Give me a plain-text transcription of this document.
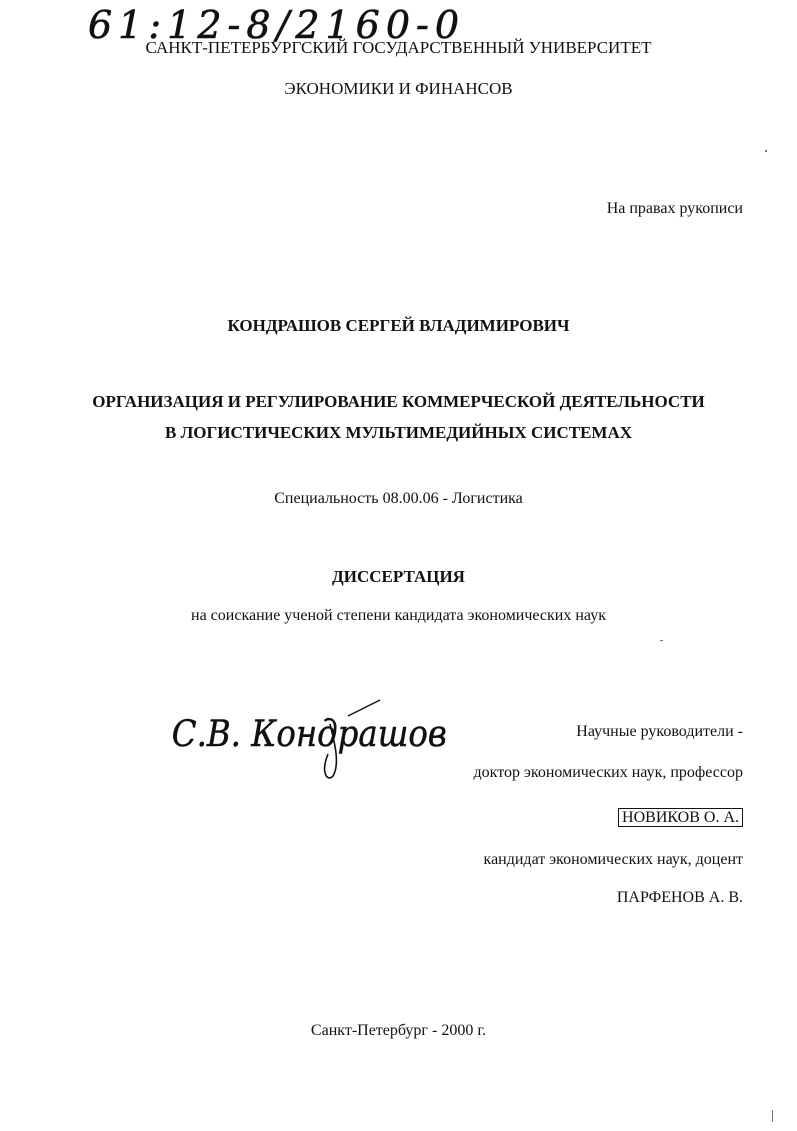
61:12-8/2160-0
САНКТ-ПЕТЕРБУРГСКИЙ ГОСУДАРСТВЕННЫЙ УНИВЕРСИТЕТ
ЭКОНОМИКИ И ФИНАНСОВ
На правах рукописи
КОНДРАШОВ СЕРГЕЙ ВЛАДИМИРОВИЧ
ОРГАНИЗАЦИЯ И РЕГУЛИРОВАНИЕ КОММЕРЧЕСКОЙ ДЕЯТЕЛЬНОСТИ
В ЛОГИСТИЧЕСКИХ МУЛЬТИМЕДИЙНЫХ СИСТЕМАХ
Специальность 08.00.06 - Логистика
ДИССЕРТАЦИЯ
на соискание ученой степени кандидата экономических наук
С.В. Кондрашов	Научные руководители -
доктор экономических наук, профессор
НОВИКОВ О. А.
кандидат экономических наук, доцент
ПАРФЕНОВ А. В.
Санкт-Петербург - 2000 г.
